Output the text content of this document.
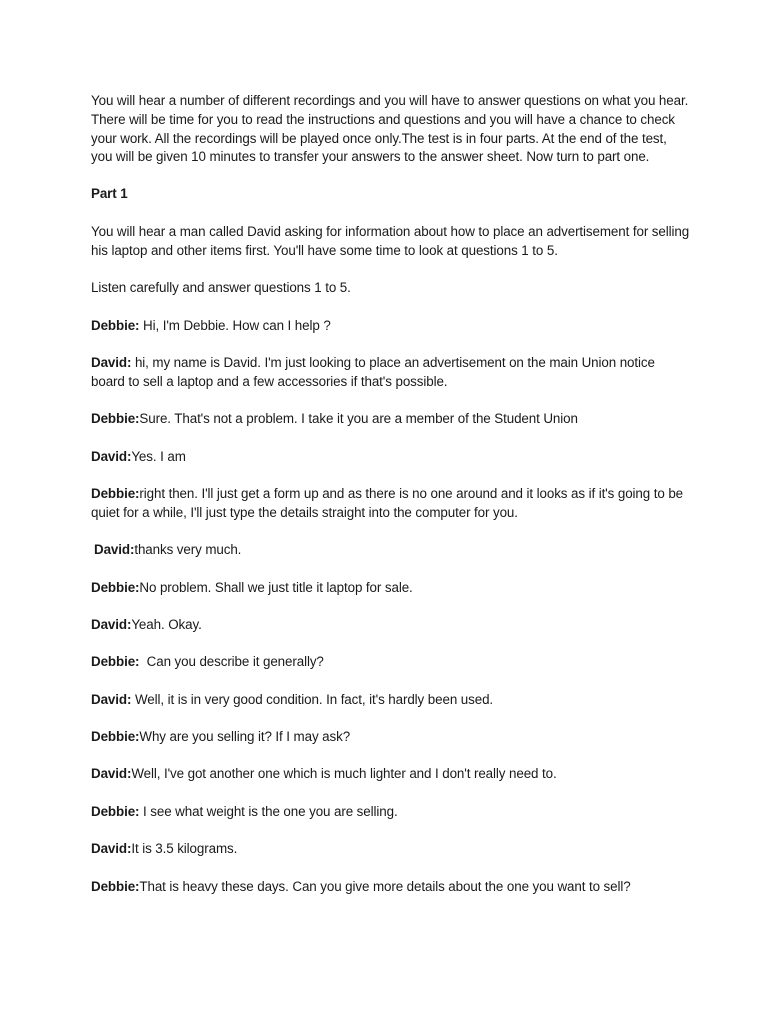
You will hear a number of different recordings and you will have to answer questions on what you hear. There will be time for you to read the instructions and questions and you will have a chance to check your work. All the recordings will be played once only.The test is in four parts. At the end of the test, you will be given 10 minutes to transfer your answers to the answer sheet. Now turn to part one.

Part 1

You will hear a man called David asking for information about how to place an advertisement for selling his laptop and other items first. You'll have some time to look at questions 1 to 5.

Listen carefully and answer questions 1 to 5.

Debbie: Hi, I'm Debbie. How can I help ?

David: hi, my name is David. I'm just looking to place an advertisement on the main Union notice board to sell a laptop and a few accessories if that's possible.

Debbie:Sure. That's not a problem. I take it you are a member of the Student Union

David:Yes. I am

Debbie:right then. I'll just get a form up and as there is no one around and it looks as if it's going to be quiet for a while, I'll just type the details straight into the computer for you.

David:thanks very much.

Debbie:No problem. Shall we just title it laptop for sale.

David:Yeah. Okay.

Debbie:  Can you describe it generally?

David: Well, it is in very good condition. In fact, it's hardly been used.

Debbie:Why are you selling it? If I may ask?

David:Well, I've got another one which is much lighter and I don't really need to.

Debbie: I see what weight is the one you are selling.

David:It is 3.5 kilograms.

Debbie:That is heavy these days. Can you give more details about the one you want to sell?
